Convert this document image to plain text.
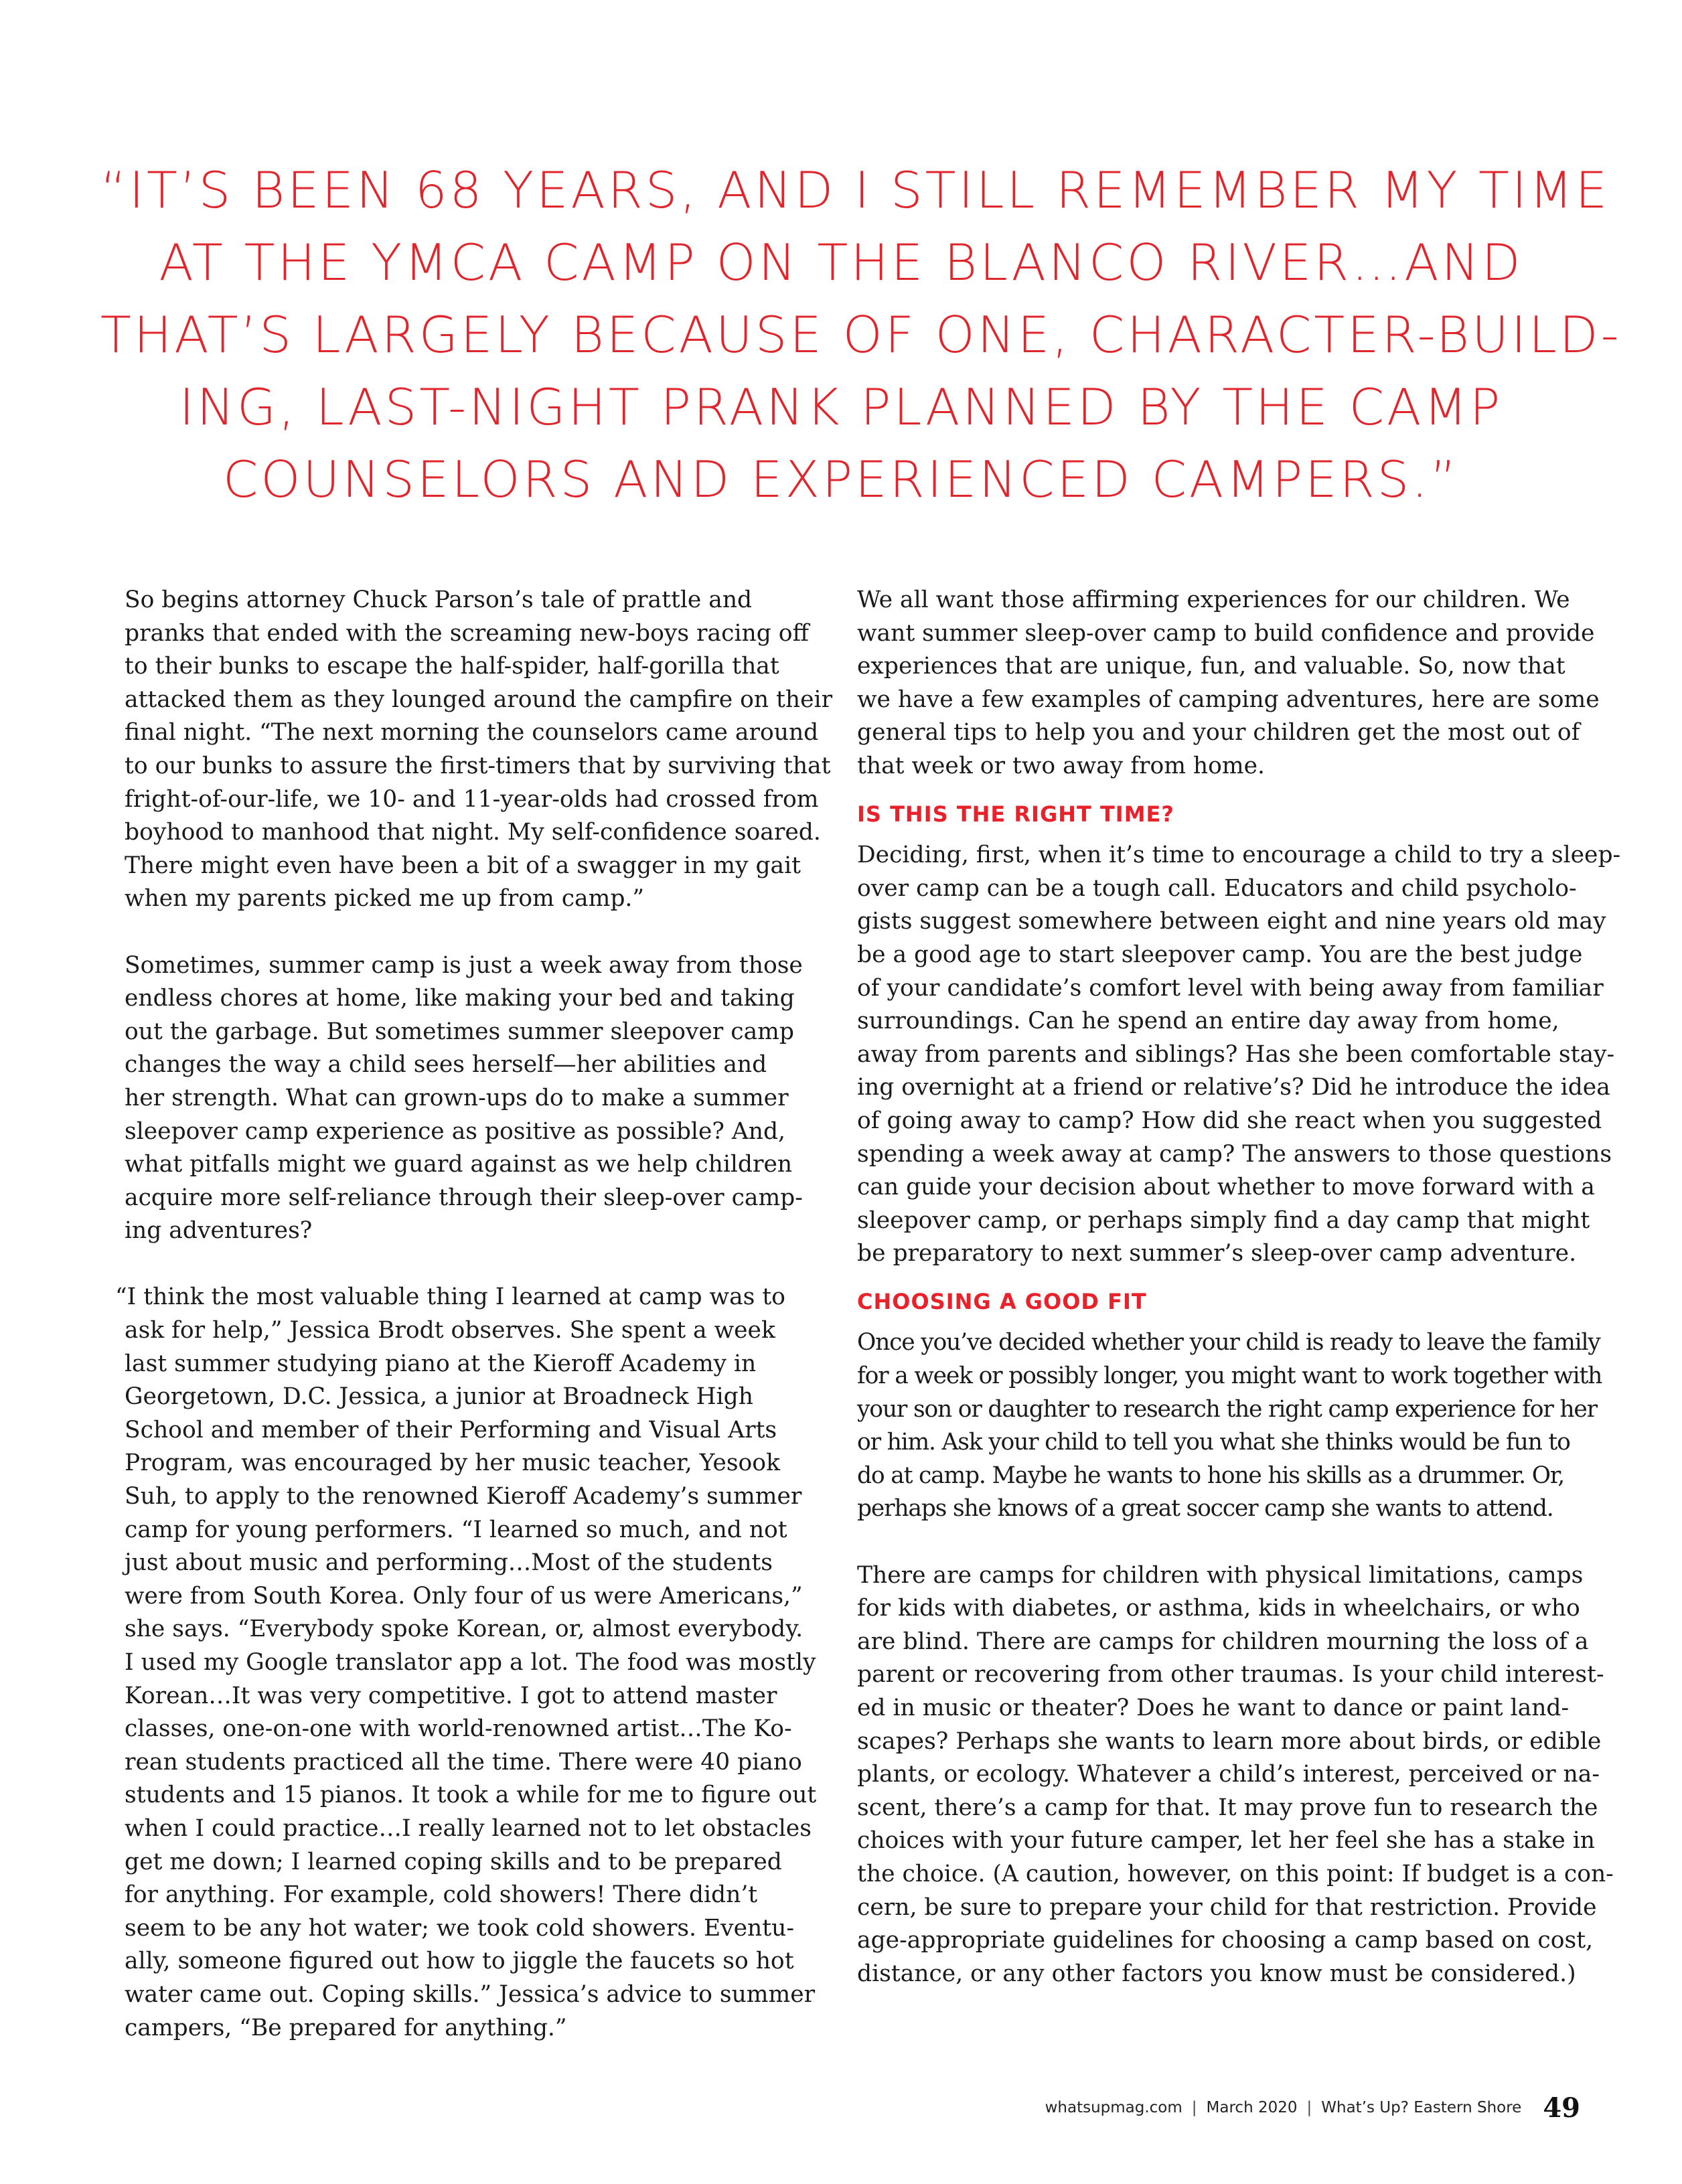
“IT’S BEEN 68 YEARS, AND I STILL REMEMBER MY TIME
AT THE YMCA CAMP ON THE BLANCO RIVER…AND
THAT’S LARGELY BECAUSE OF ONE, CHARACTER-BUILD-
ING, LAST-NIGHT PRANK PLANNED BY THE CAMP
COUNSELORS AND EXPERIENCED CAMPERS.”
So begins attorney Chuck Parson’s tale of prattle and
pranks that ended with the screaming new-boys racing off
to their bunks to escape the half-spider, half-gorilla that
attacked them as they lounged around the campfire on their
final night. “The next morning the counselors came around
to our bunks to assure the first-timers that by surviving that
fright-of-our-life, we 10- and 11-year-olds had crossed from
boyhood to manhood that night. My self-confidence soared.
There might even have been a bit of a swagger in my gait
when my parents picked me up from camp.”
Sometimes, summer camp is just a week away from those
endless chores at home, like making your bed and taking
out the garbage. But sometimes summer sleepover camp
changes the way a child sees herself—her abilities and
her strength. What can grown-ups do to make a summer
sleepover camp experience as positive as possible? And,
what pitfalls might we guard against as we help children
acquire more self-reliance through their sleep-over camp-
ing adventures?
“I think the most valuable thing I learned at camp was to
ask for help,” Jessica Brodt observes. She spent a week
last summer studying piano at the Kieroff Academy in
Georgetown, D.C. Jessica, a junior at Broadneck High
School and member of their Performing and Visual Arts
Program, was encouraged by her music teacher, Yesook
Suh, to apply to the renowned Kieroff Academy’s summer
camp for young performers. “I learned so much, and not
just about music and performing…Most of the students
were from South Korea. Only four of us were Americans,”
she says. “Everybody spoke Korean, or, almost everybody.
I used my Google translator app a lot. The food was mostly
Korean…It was very competitive. I got to attend master
classes, one-on-one with world-renowned artist…The Ko-
rean students practiced all the time. There were 40 piano
students and 15 pianos. It took a while for me to figure out
when I could practice…I really learned not to let obstacles
get me down; I learned coping skills and to be prepared
for anything. For example, cold showers! There didn’t
seem to be any hot water; we took cold showers. Eventu-
ally, someone figured out how to jiggle the faucets so hot
water came out. Coping skills.” Jessica’s advice to summer
campers, “Be prepared for anything.”
We all want those affirming experiences for our children. We
want summer sleep-over camp to build confidence and provide
experiences that are unique, fun, and valuable. So, now that
we have a few examples of camping adventures, here are some
general tips to help you and your children get the most out of
that week or two away from home.
IS THIS THE RIGHT TIME?
Deciding, first, when it’s time to encourage a child to try a sleep-
over camp can be a tough call. Educators and child psycholo-
gists suggest somewhere between eight and nine years old may
be a good age to start sleepover camp. You are the best judge
of your candidate’s comfort level with being away from familiar
surroundings. Can he spend an entire day away from home,
away from parents and siblings? Has she been comfortable stay-
ing overnight at a friend or relative’s? Did he introduce the idea
of going away to camp? How did she react when you suggested
spending a week away at camp? The answers to those questions
can guide your decision about whether to move forward with a
sleepover camp, or perhaps simply find a day camp that might
be preparatory to next summer’s sleep-over camp adventure.
CHOOSING A GOOD FIT
Once you’ve decided whether your child is ready to leave the family
for a week or possibly longer, you might want to work together with
your son or daughter to research the right camp experience for her
or him. Ask your child to tell you what she thinks would be fun to
do at camp. Maybe he wants to hone his skills as a drummer. Or,
perhaps she knows of a great soccer camp she wants to attend.
There are camps for children with physical limitations, camps
for kids with diabetes, or asthma, kids in wheelchairs, or who
are blind. There are camps for children mourning the loss of a
parent or recovering from other traumas. Is your child interest-
ed in music or theater? Does he want to dance or paint land-
scapes? Perhaps she wants to learn more about birds, or edible
plants, or ecology. Whatever a child’s interest, perceived or na-
scent, there’s a camp for that. It may prove fun to research the
choices with your future camper, let her feel she has a stake in
the choice. (A caution, however, on this point: If budget is a con-
cern, be sure to prepare your child for that restriction. Provide
age-appropriate guidelines for choosing a camp based on cost,
distance, or any other factors you know must be considered.)
whatsupmag.com | March 2020 | What’s Up? Eastern Shore 49
